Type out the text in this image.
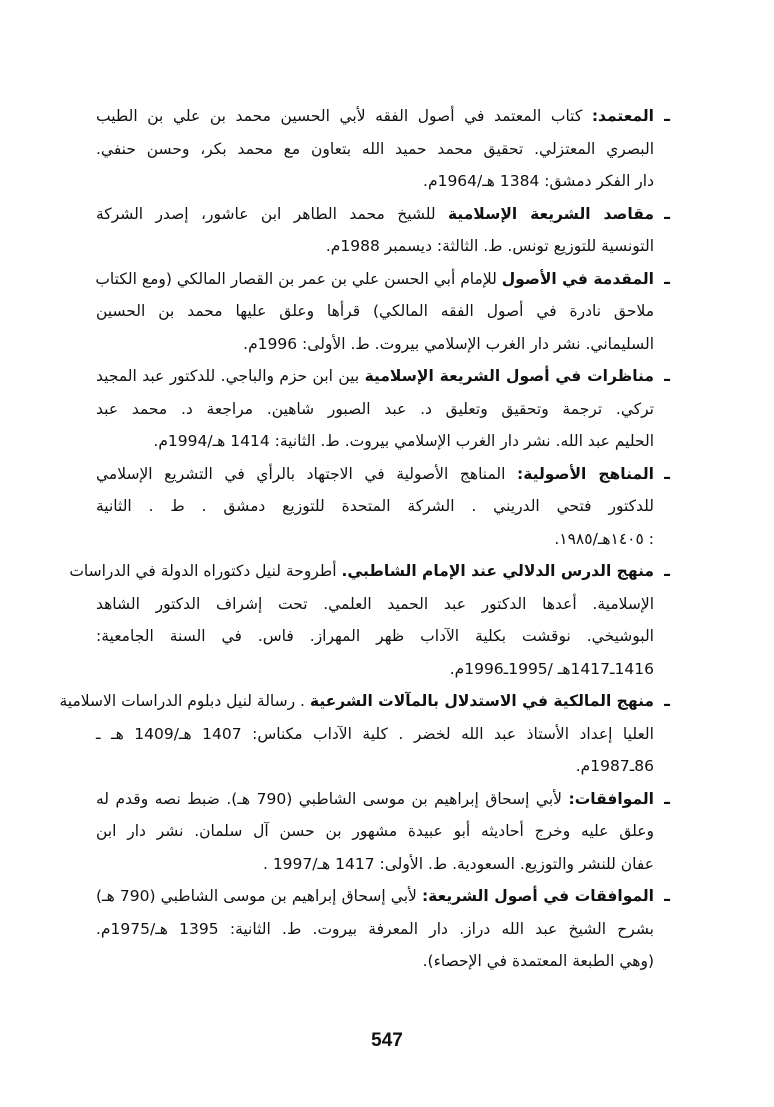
ـ
المعتمد: كتاب المعتمد في أصول الفقه لأبي الحسين محمد بن علي بن الطيب
البصري المعتزلي. تحقيق محمد حميد الله بتعاون مع محمد بكر، وحسن حنفي.
دار الفكر دمشق: 1384 هـ/1964م.
ـ
مقاصد الشريعة الإسلامية للشيخ محمد الطاهر ابن عاشور، إصدر الشركة
التونسية للتوزيع تونس. ط. الثالثة: ديسمبر 1988م.
ـ
المقدمة في الأصول للإمام أبي الحسن علي بن عمر بن القصار المالكي (ومع الكتاب
ملاحق نادرة في أصول الفقه المالكي) قرأها وعلق عليها محمد بن الحسين
السليماني. نشر دار الغرب الإسلامي بيروت. ط. الأولى: 1996م.
ـ
مناظرات في أصول الشريعة الإسلامية بين ابن حزم والباجي. للدكتور عبد المجيد
تركي. ترجمة وتحقيق وتعليق د. عبد الصبور شاهين. مراجعة د. محمد عبد
الحليم عبد الله. نشر دار الغرب الإسلامي بيروت. ط. الثانية: 1414 هـ/1994م.
ـ
المناهج الأصولية: المناهج الأصولية في الاجتهاد بالرأي في التشريع الإسلامي
للدكتور فتحي الدريني . الشركة المتحدة للتوزيع دمشق . ط . الثانية
: ١٤٠٥هـ/١٩٨٥.
ـ
منهج الدرس الدلالي عند الإمام الشاطبي. أطروحة لنيل دكتوراه الدولة في الدراسات
الإسلامية. أعدها الدكتور عبد الحميد العلمي. تحت إشراف الدكتور الشاهد
البوشيخي. نوقشت بكلية الآداب ظهر المهراز. فاس. في السنة الجامعية:
1416ـ1417هـ /1995ـ1996م.
ـ
منهج المالكية في الاستدلال بالمآلات الشرعية . رسالة لنيل دبلوم الدراسات الاسلامية
العليا إعداد الأستاذ عبد الله لخضر . كلية الآداب مكناس: 1407 هـ/1409 هـ ـ
86ـ1987م.
ـ
الموافقات: لأبي إسحاق إبراهيم بن موسى الشاطبي (790 هـ). ضبط نصه وقدم له
وعلق عليه وخرج أحاديثه أبو عبيدة مشهور بن حسن آل سلمان. نشر دار ابن
عفان للنشر والتوزيع. السعودية. ط. الأولى: 1417 هـ/1997 .
ـ
الموافقات في أصول الشريعة: لأبي إسحاق إبراهيم بن موسى الشاطبي (790 هـ)
بشرح الشيخ عبد الله دراز. دار المعرفة بيروت. ط. الثانية: 1395 هـ/1975م.
(وهي الطبعة المعتمدة في الإحصاء).
547
